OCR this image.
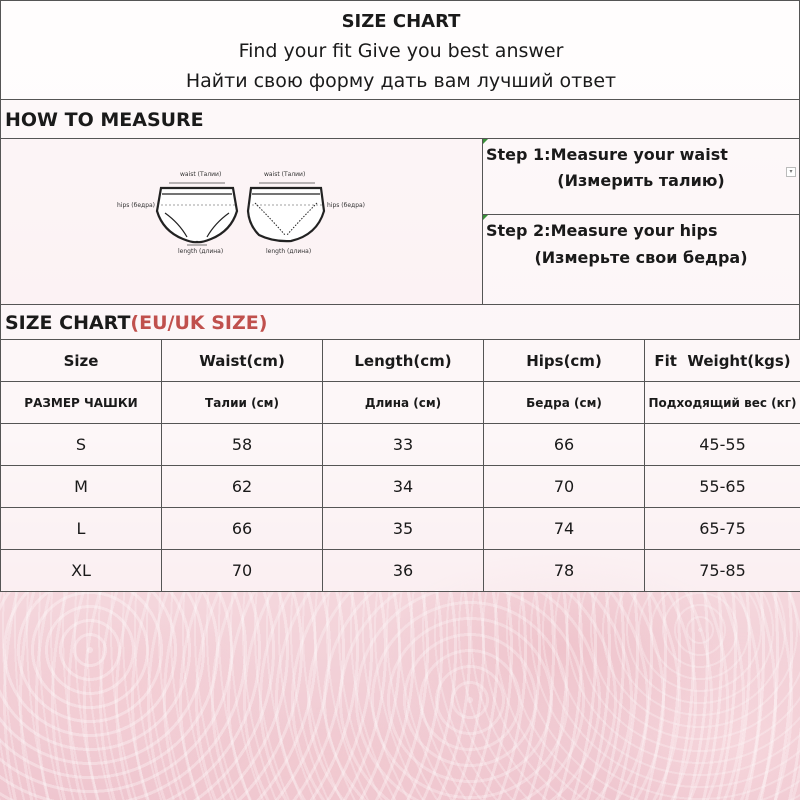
SIZE CHART
Find your fit Give you best answer
Найти свою форму дать вам лучший ответ
HOW TO MEASURE
waist (Талии)
hips (бедра)
length (длина)
waist (Талии)
hips (бедра)
length (длина)
Step 1:Measure your waist
(Измерить талию)	▾
Step 2:Measure your hips
(Измерьте свои бедра)
SIZE CHART(EU/UK SIZE)
Size	Waist(cm)	Length(cm)	Hips(cm)	Fit  Weight(kgs)
РАЗМЕР ЧАШКИ	Талии (см)	Длина (см)	Бедра (см)	Подходящий вес (кг)
S	58	33	66	45-55
M	62	34	70	55-65
L	66	35	74	65-75
XL	70	36	78	75-85
